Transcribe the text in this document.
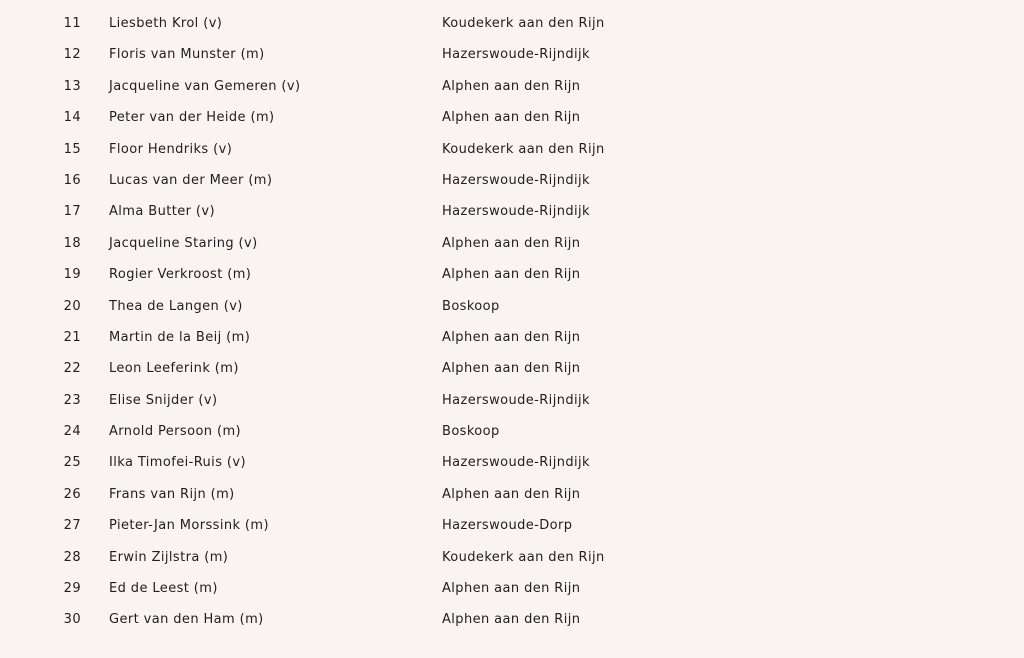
11 Liesbeth Krol (v)	Koudekerk aan den Rijn
12 Floris van Munster (m)	Hazerswoude-Rijndijk
13 Jacqueline van Gemeren (v)	Alphen aan den Rijn
14 Peter van der Heide (m)	Alphen aan den Rijn
15 Floor Hendriks (v)	Koudekerk aan den Rijn
16 Lucas van der Meer (m)	Hazerswoude-Rijndijk
17 Alma Butter (v)	Hazerswoude-Rijndijk
18 Jacqueline Staring (v)	Alphen aan den Rijn
19 Rogier Verkroost (m)	Alphen aan den Rijn
20 Thea de Langen (v)	Boskoop
21 Martin de la Beij (m)	Alphen aan den Rijn
22 Leon Leeferink (m)	Alphen aan den Rijn
23 Elise Snijder (v)	Hazerswoude-Rijndijk
24 Arnold Persoon (m)	Boskoop
25 Ilka Timofei-Ruis (v)	Hazerswoude-Rijndijk
26 Frans van Rijn (m)	Alphen aan den Rijn
27 Pieter-Jan Morssink (m)	Hazerswoude-Dorp
28 Erwin Zijlstra (m)	Koudekerk aan den Rijn
29 Ed de Leest (m)	Alphen aan den Rijn
30 Gert van den Ham (m)	Alphen aan den Rijn
